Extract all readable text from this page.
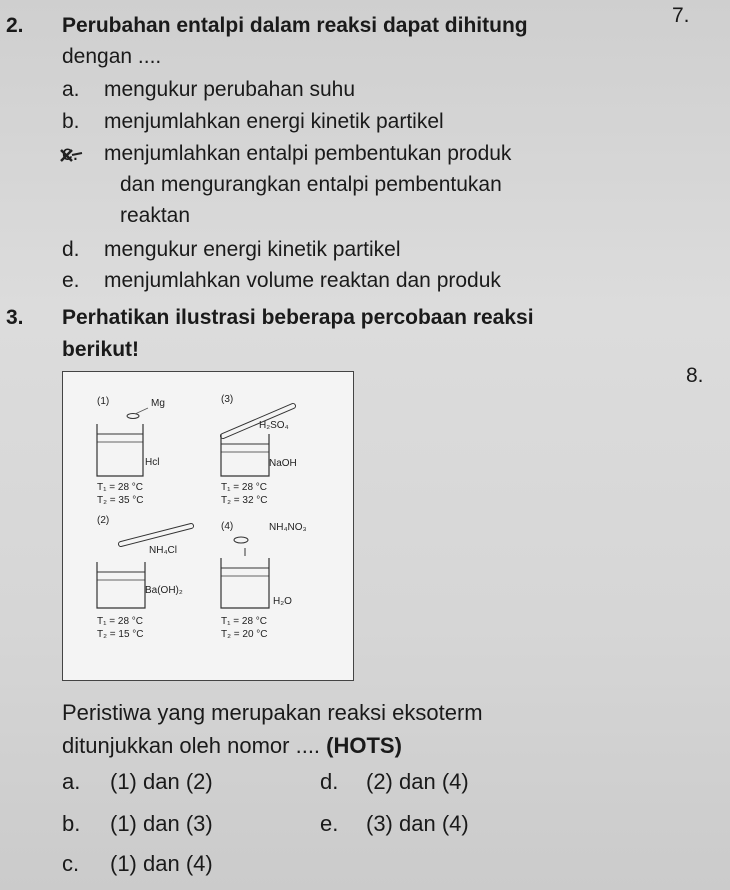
2. Perubahan entalpi dalam reaksi dapat dihitung	7.
dengan ....
a. mengukur perubahan suhu
b. menjumlahkan energi kinetik partikel
c. menjumlahkan entalpi pembentukan produk
dan mengurangkan entalpi pembentukan
reaktan
d. mengukur energi kinetik partikel
e. menjumlahkan volume reaktan dan produk
3. Perhatikan ilustrasi beberapa percobaan reaksi
berikut!
8.
(1)	Mg
Hcl
T₁ = 28 °C
T₂ = 35 °C
(3)
H₂SO₄
NaOH
T₁ = 28 °C
T₂ = 32 °C
(2)
NH₄Cl
Ba(OH)₂
T₁ = 28 °C
T₂ = 15 °C
(4)	NH₄NO₃
H₂O
T₁ = 28 °C
T₂ = 20 °C
Peristiwa yang merupakan reaksi eksoterm
ditunjukkan oleh nomor .... (HOTS)
a. (1) dan (2)	d. (2) dan (4)
b. (1) dan (3)	e. (3) dan (4)
c. (1) dan (4)
